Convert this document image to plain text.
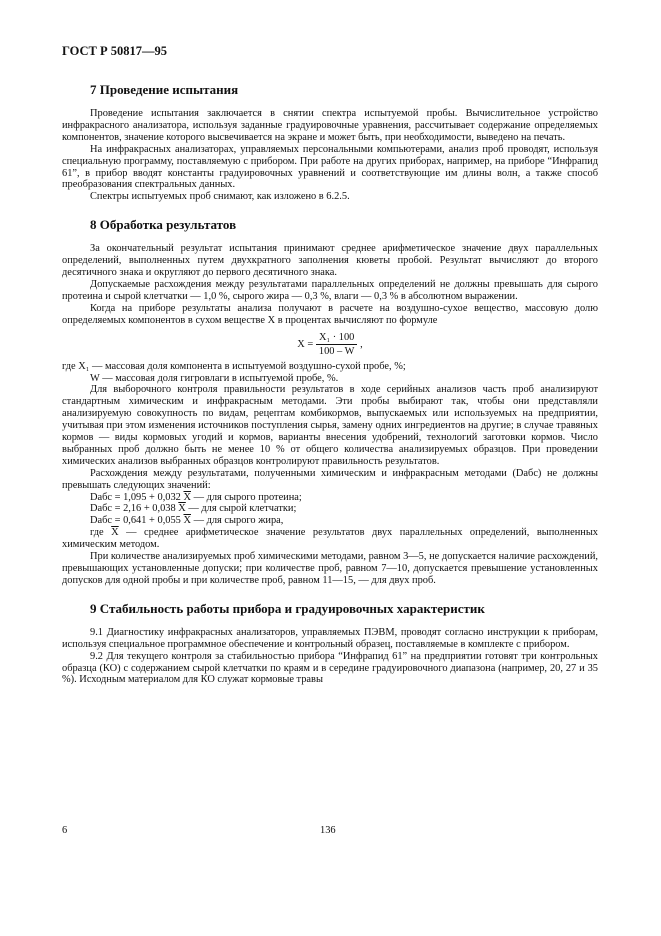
ГОСТ Р 50817—95
7 Проведение испытания

Проведение испытания заключается в снятии спектра испытуемой пробы. Вычислительное устройство инфракрасного анализатора, используя заданные градуировочные уравнения, рассчитывает содержание определяемых компонентов, значение которого высвечивается на экране и может быть, при необходимости, выведено на печать.

На инфракрасных анализаторах, управляемых персональными компьютерами, анализ проб проводят, используя специальную программу, поставляемую с прибором. При работе на других приборах, например, на приборе “Инфрапид 61”, в прибор вводят константы градуировочных уравнений и соответствующие им длины волн, а также способ преобразования спектральных данных.

Спектры испытуемых проб снимают, как изложено в 6.2.5.

8 Обработка результатов

За окончательный результат испытания принимают среднее арифметическое значение двух параллельных определений, выполненных путем двухкратного заполнения кюветы пробой. Результат вычисляют до второго десятичного знака и округляют до первого десятичного знака.

Допускаемые расхождения между результатами параллельных определений не должны превышать для сырого протеина и сырой клетчатки — 1,0 %, сырого жира — 0,3 %, влаги — 0,3 % в абсолютном выражении.

Когда на приборе результаты анализа получают в расчете на воздушно-сухое вещество, массовую долю определяемых компонентов в сухом веществе X в процентах вычисляют по формуле

$X = \frac{\text{X₁ · 100}}{100 - W}$ ,

где X₁ — массовая доля компонента в испытуемой воздушно-сухой пробе, %;

W — массовая доля гигровлаги в испытуемой пробе, %.

Для выборочного контроля правильности результатов в ходе серийных анализов часть проб анализируют стандартным химическим и инфракрасным методами. Эти пробы выбирают так, чтобы они представляли анализируемую совокупность по видам, рецептам комбикормов, выпускаемых или используемых на предприятии, учитывая при этом изменения источников поступления сырья, замену одних ингредиентов на другие; в случае травяных кормов — виды кормовых угодий и кормов, варианты внесения удобрений, технологий заготовки кормов. Число выбранных проб должно быть не менее 10 % от общего количества анализируемых образцов. При проведении химических анализов выбранных образцов контролируют правильность результатов.

Расхождения между результатами, полученными химическим и инфракрасным методами (Dабс) не должны превышать следующих значений:

Dабс = 1,095 + 0,032 $\overline{X}$ — для сырого протеина;

Dабс = 2,16 + 0,038 $\overline{X}$ — для сырой клетчатки;

Dабс = 0,641 + 0,055 $\overline{X}$ — для сырого жира,

где $\overline{X}$ — среднее арифметическое значение результатов двух параллельных определений, выполненных химическим методом.

При количестве анализируемых проб химическими методами, равном 3—5, не допускается наличие расхождений, превышающих установленные допуски; при количестве проб, равном 7—10, допускается превышение установленных допусков для одной пробы и при количестве проб, равном 11—15, — для двух проб.

9 Стабильность работы прибора и градуировочных характеристик

9.1 Диагностику инфракрасных анализаторов, управляемых ПЭВМ, проводят согласно инструкции к приборам, используя специальное программное обеспечение и контрольный образец, поставляемые в комплекте с прибором.

9.2 Для текущего контроля за стабильностью прибора “Инфрапид 61” на предприятии готовят три контрольных образца (КО) с содержанием сырой клетчатки по краям и в середине градуировочного диапазона (например, 20, 27 и 35 %). Исходным материалом для КО служат кормовые травы

6	136
